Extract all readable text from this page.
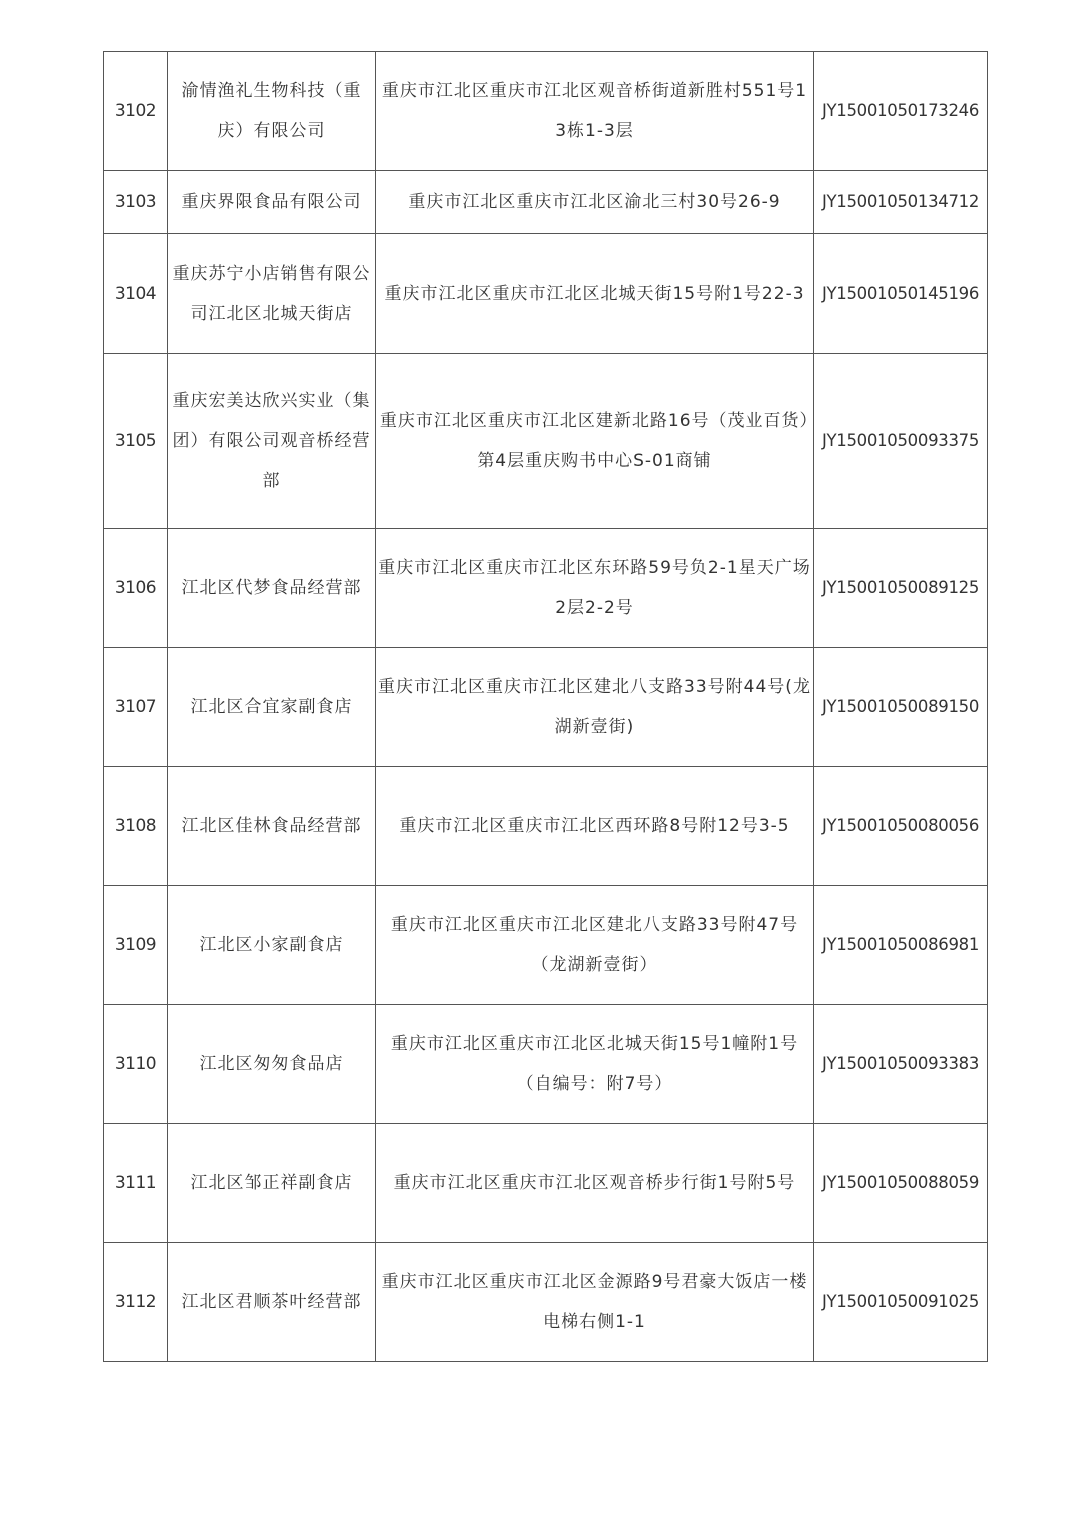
3102	渝情渔礼生物科技（重庆）有限公司	重庆市江北区重庆市江北区观音桥街道新胜村551号13栋1-3层	JY15001050173246
3103	重庆界限食品有限公司	重庆市江北区重庆市江北区渝北三村30号26-9	JY15001050134712
3104	重庆苏宁小店销售有限公司江北区北城天街店	重庆市江北区重庆市江北区北城天街15号附1号22-3	JY15001050145196
3105	重庆宏美达欣兴实业（集团）有限公司观音桥经营部	重庆市江北区重庆市江北区建新北路16号（茂业百货）第4层重庆购书中心S-01商铺	JY15001050093375
3106	江北区代梦食品经营部	重庆市江北区重庆市江北区东环路59号负2-1星天广场2层2-2号	JY15001050089125
3107	江北区合宜家副食店	重庆市江北区重庆市江北区建北八支路33号附44号(龙湖新壹街)	JY15001050089150
3108	江北区佳林食品经营部	重庆市江北区重庆市江北区西环路8号附12号3-5	JY15001050080056
3109	江北区小家副食店	重庆市江北区重庆市江北区建北八支路33号附47号（龙湖新壹街）	JY15001050086981
3110	江北区匆匆食品店	重庆市江北区重庆市江北区北城天街15号1幢附1号（自编号：附7号）	JY15001050093383
3111	江北区邹正祥副食店	重庆市江北区重庆市江北区观音桥步行街1号附5号	JY15001050088059
3112	江北区君顺茶叶经营部	重庆市江北区重庆市江北区金源路9号君豪大饭店一楼电梯右侧1-1	JY15001050091025
